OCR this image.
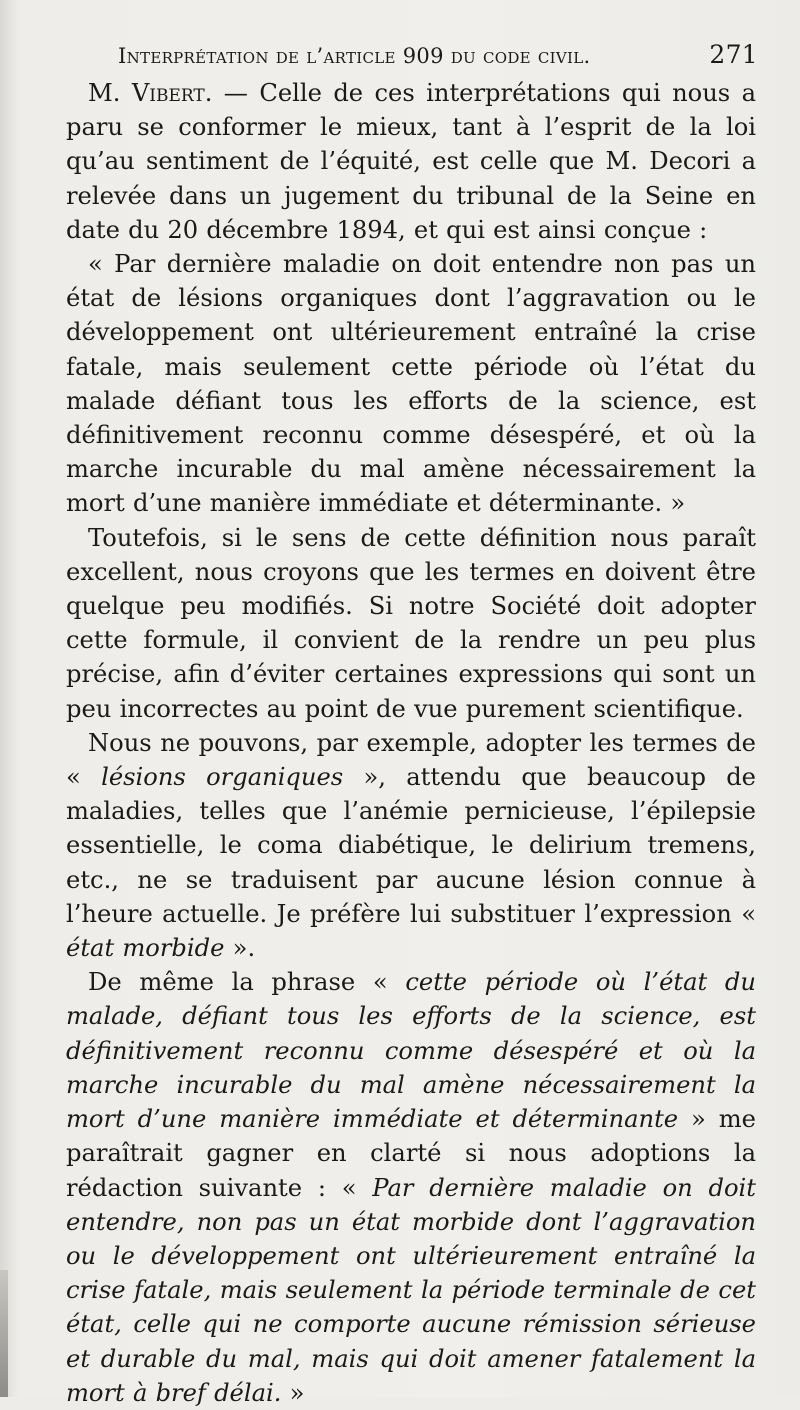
Interprétation de l’article 909 du code civil.	271

M. Vibert. — Celle de ces interprétations qui nous a paru se conformer le mieux, tant à l’esprit de la loi qu’au sentiment de l’équité, est celle que M. Decori a relevée dans un jugement du tribunal de la Seine en date du 20 décembre 1894, et qui est ainsi conçue :

« Par dernière maladie on doit entendre non pas un état de lésions organiques dont l’aggravation ou le développement ont ultérieurement entraîné la crise fatale, mais seulement cette période où l’état du malade défiant tous les efforts de la science, est définitivement reconnu comme désespéré, et où la marche incurable du mal amène nécessairement la mort d’une manière immédiate et déterminante. »

Toutefois, si le sens de cette définition nous paraît excellent, nous croyons que les termes en doivent être quelque peu modifiés. Si notre Société doit adopter cette formule, il convient de la rendre un peu plus précise, afin d’éviter certaines expressions qui sont un peu incorrectes au point de vue purement scientifique.

Nous ne pouvons, par exemple, adopter les termes de « lésions organiques », attendu que beaucoup de maladies, telles que l’anémie pernicieuse, l’épilepsie essentielle, le coma diabétique, le delirium tremens, etc., ne se traduisent par aucune lésion connue à l’heure actuelle. Je préfère lui substituer l’expression « état morbide ».

De même la phrase « cette période où l’état du malade, défiant tous les efforts de la science, est définitivement reconnu comme désespéré et où la marche incurable du mal amène nécessairement la mort d’une manière immédiate et déterminante » me paraîtrait gagner en clarté si nous adoptions la rédaction suivante : « Par dernière maladie on doit entendre, non pas un état morbide dont l’aggravation ou le développement ont ultérieurement entraîné la crise fatale, mais seulement la période terminale de cet état, celle qui ne comporte aucune rémission sérieuse et durable du mal, mais qui doit amener fatalement la mort à bref délai. »
